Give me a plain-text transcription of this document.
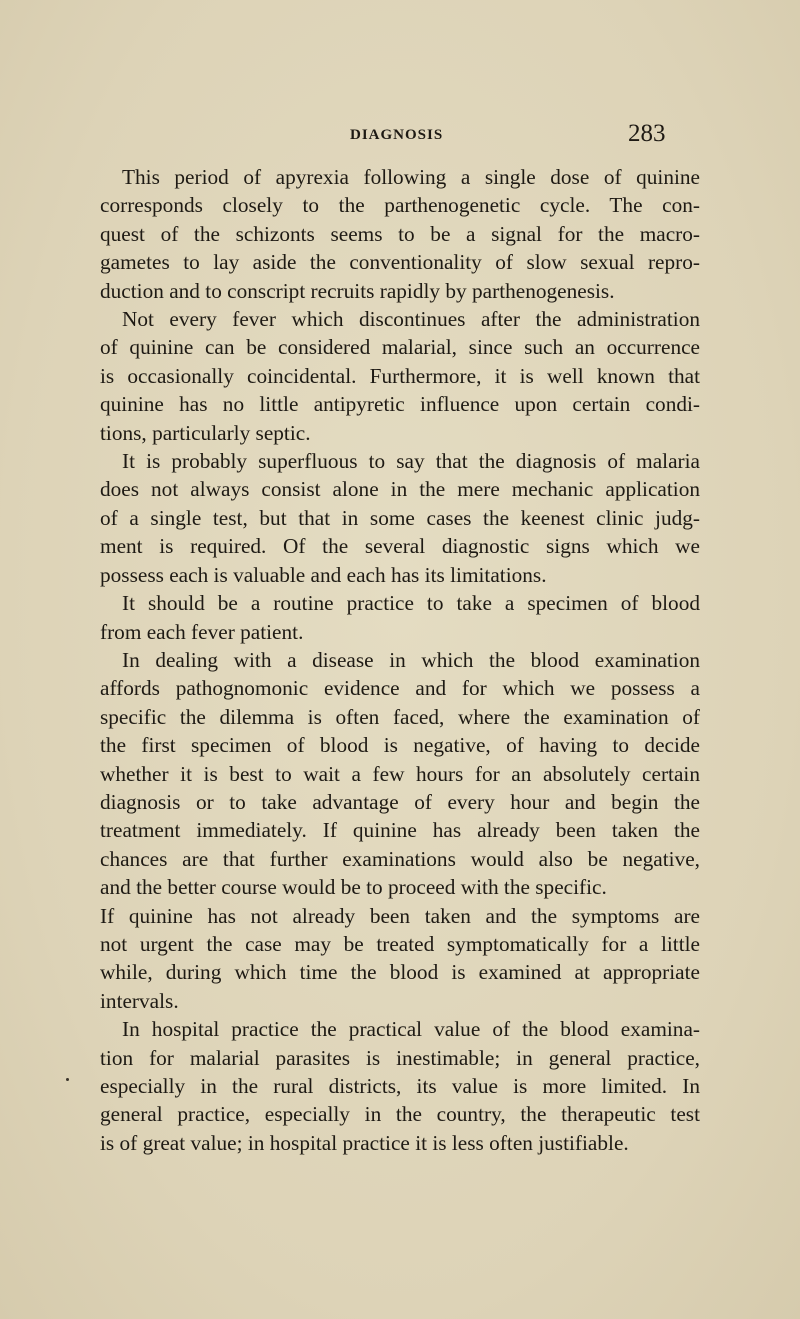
DIAGNOSIS	283
This period of apyrexia following a single dose of quinine
corresponds closely to the parthenogenetic cycle. The con-
quest of the schizonts seems to be a signal for the macro-
gametes to lay aside the conventionality of slow sexual repro-
duction and to conscript recruits rapidly by parthenogenesis.
Not every fever which discontinues after the administration
of quinine can be considered malarial, since such an occurrence
is occasionally coincidental. Furthermore, it is well known that
quinine has no little antipyretic influence upon certain condi-
tions, particularly septic.
It is probably superfluous to say that the diagnosis of malaria
does not always consist alone in the mere mechanic application
of a single test, but that in some cases the keenest clinic judg-
ment is required. Of the several diagnostic signs which we
possess each is valuable and each has its limitations.
It should be a routine practice to take a specimen of blood
from each fever patient.
In dealing with a disease in which the blood examination
affords pathognomonic evidence and for which we possess a
specific the dilemma is often faced, where the examination of
the first specimen of blood is negative, of having to decide
whether it is best to wait a few hours for an absolutely certain
diagnosis or to take advantage of every hour and begin the
treatment immediately. If quinine has already been taken the
chances are that further examinations would also be negative,
and the better course would be to proceed with the specific.
If quinine has not already been taken and the symptoms are
not urgent the case may be treated symptomatically for a little
while, during which time the blood is examined at appropriate
intervals.
In hospital practice the practical value of the blood examina-
tion for malarial parasites is inestimable; in general practice,
especially in the rural districts, its value is more limited. In
general practice, especially in the country, the therapeutic test
is of great value; in hospital practice it is less often justifiable.
